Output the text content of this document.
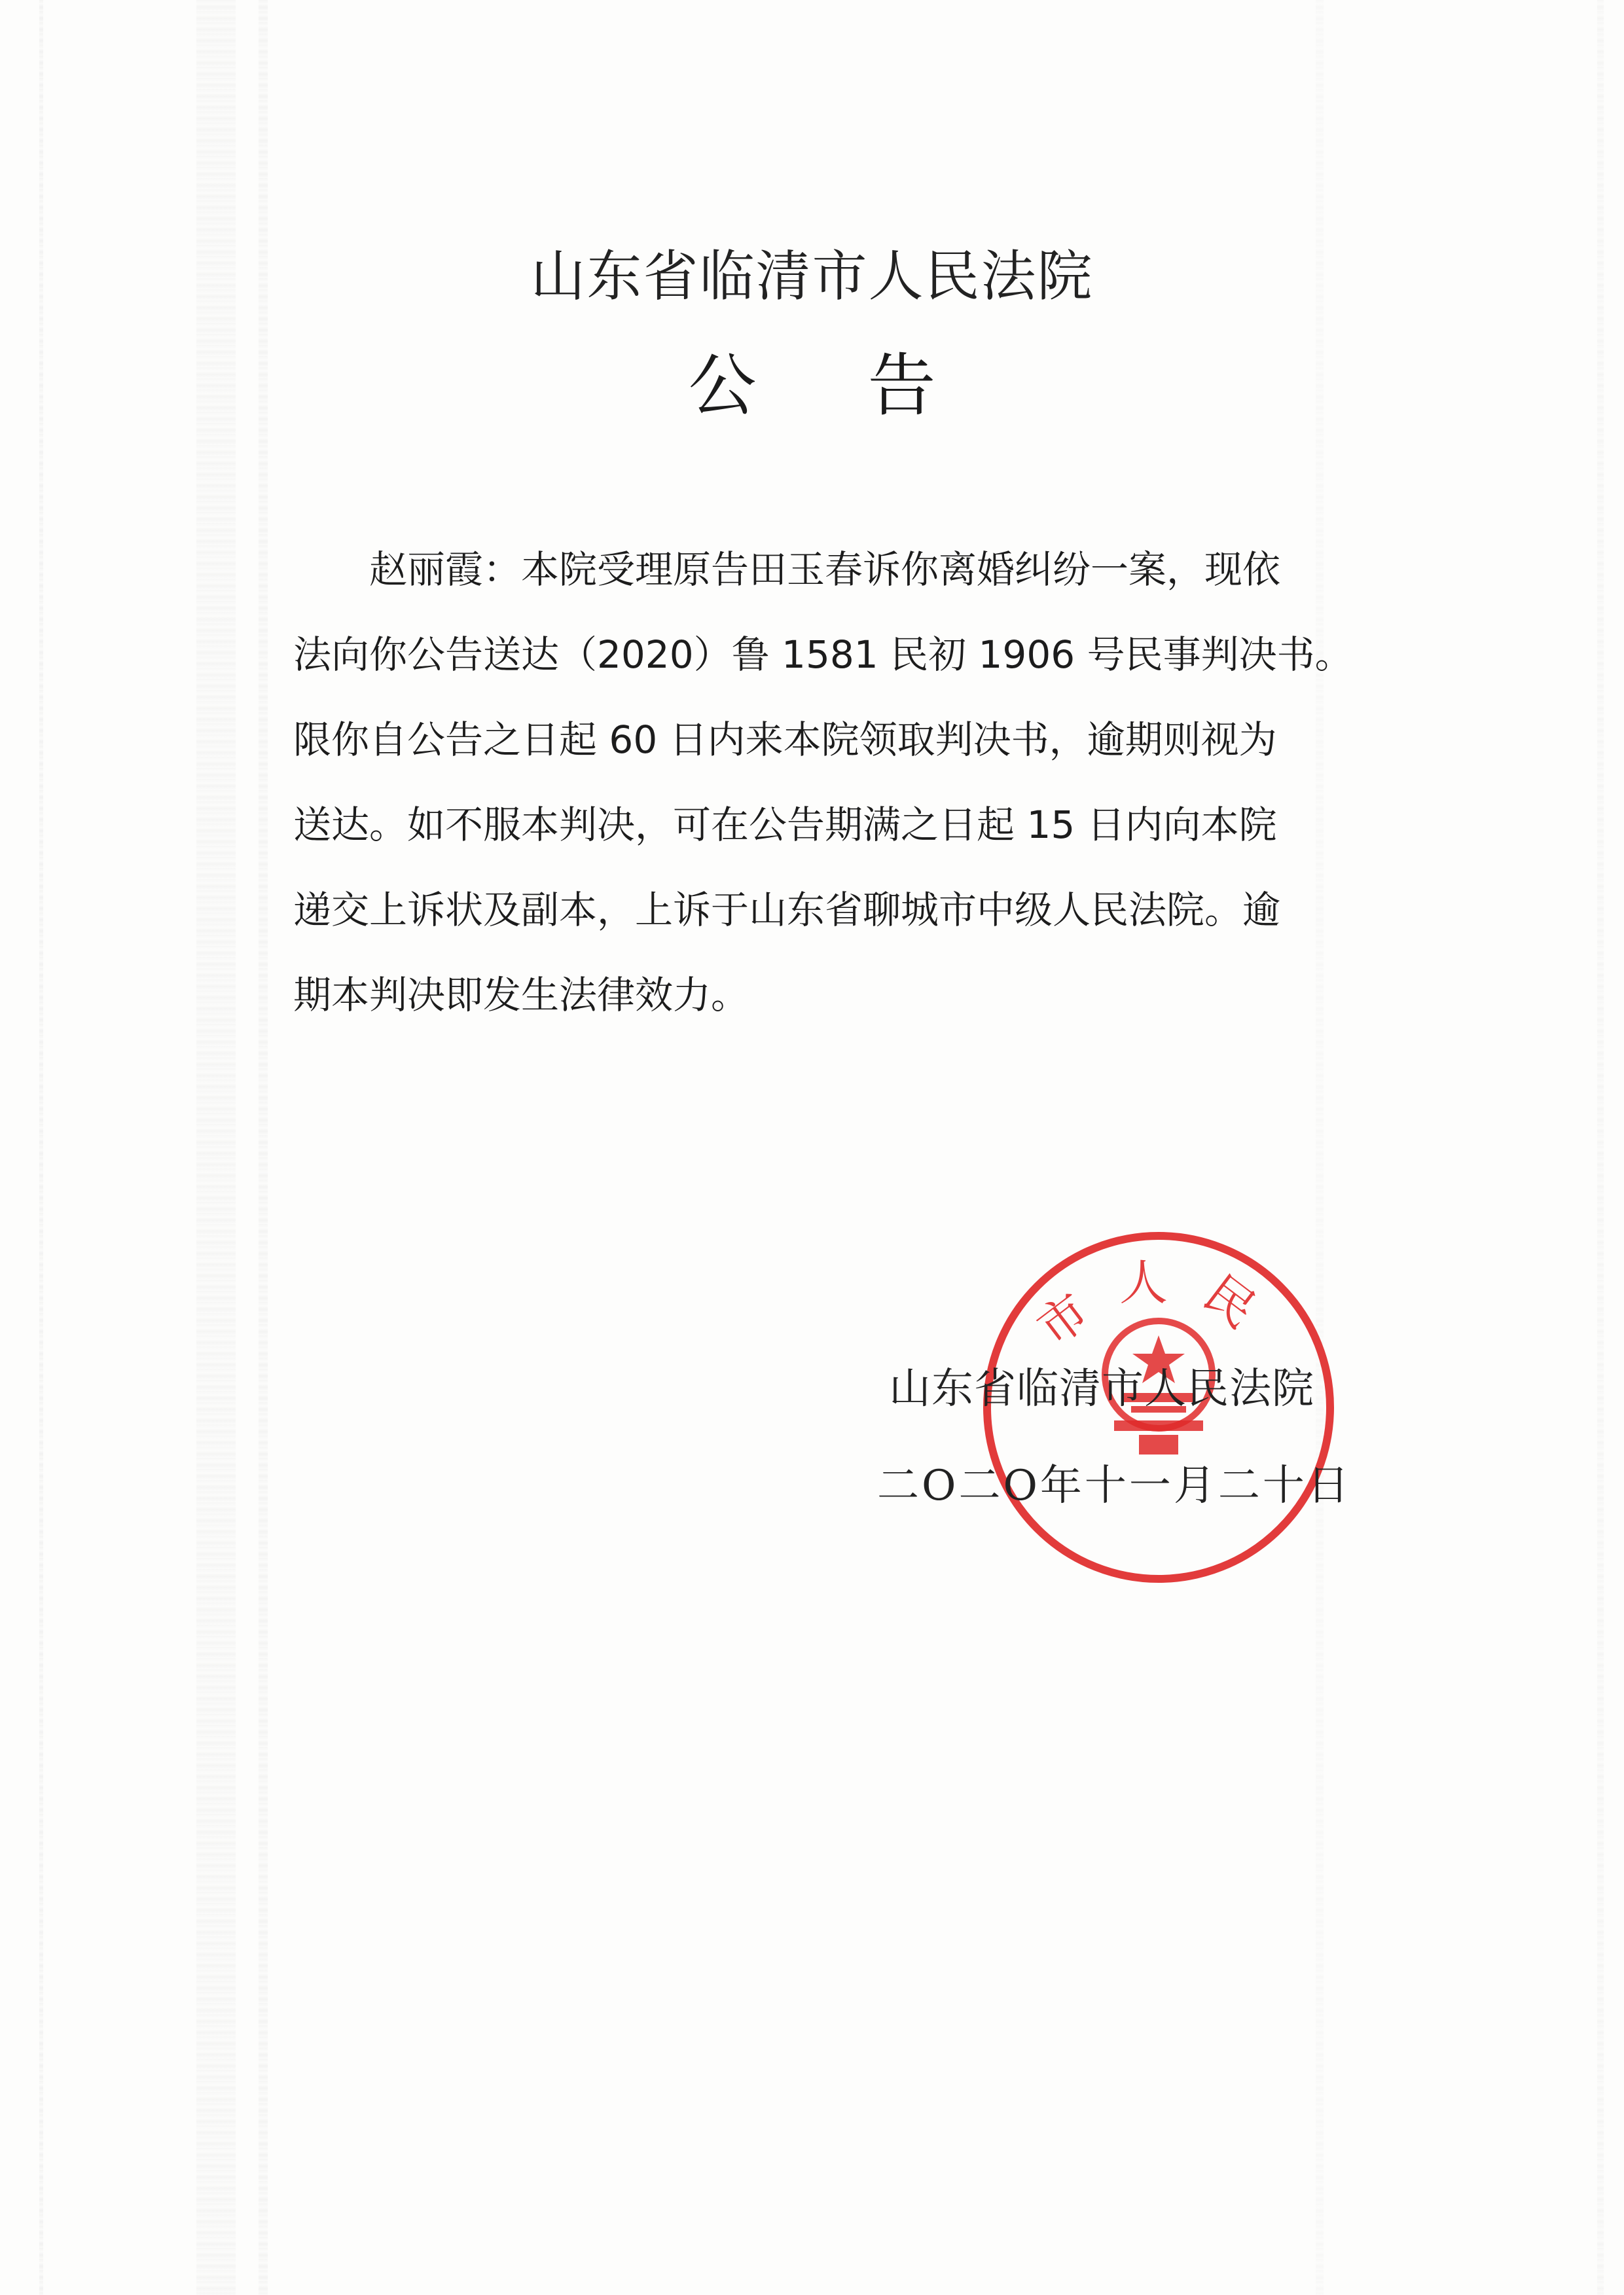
山东省临清市人民法院
公告
赵丽霞：本院受理原告田玉春诉你离婚纠纷一案，现依
法向你公告送达（2020）鲁 1581 民初 1906 号民事判决书。
限你自公告之日起 60 日内来本院领取判决书，逾期则视为
送达。如不服本判决，可在公告期满之日起 15 日内向本院
递交上诉状及副本，上诉于山东省聊城市中级人民法院。逾
期本判决即发生法律效力。
市人民
山东省临清市人民法院
二O二O年十一月二十日
